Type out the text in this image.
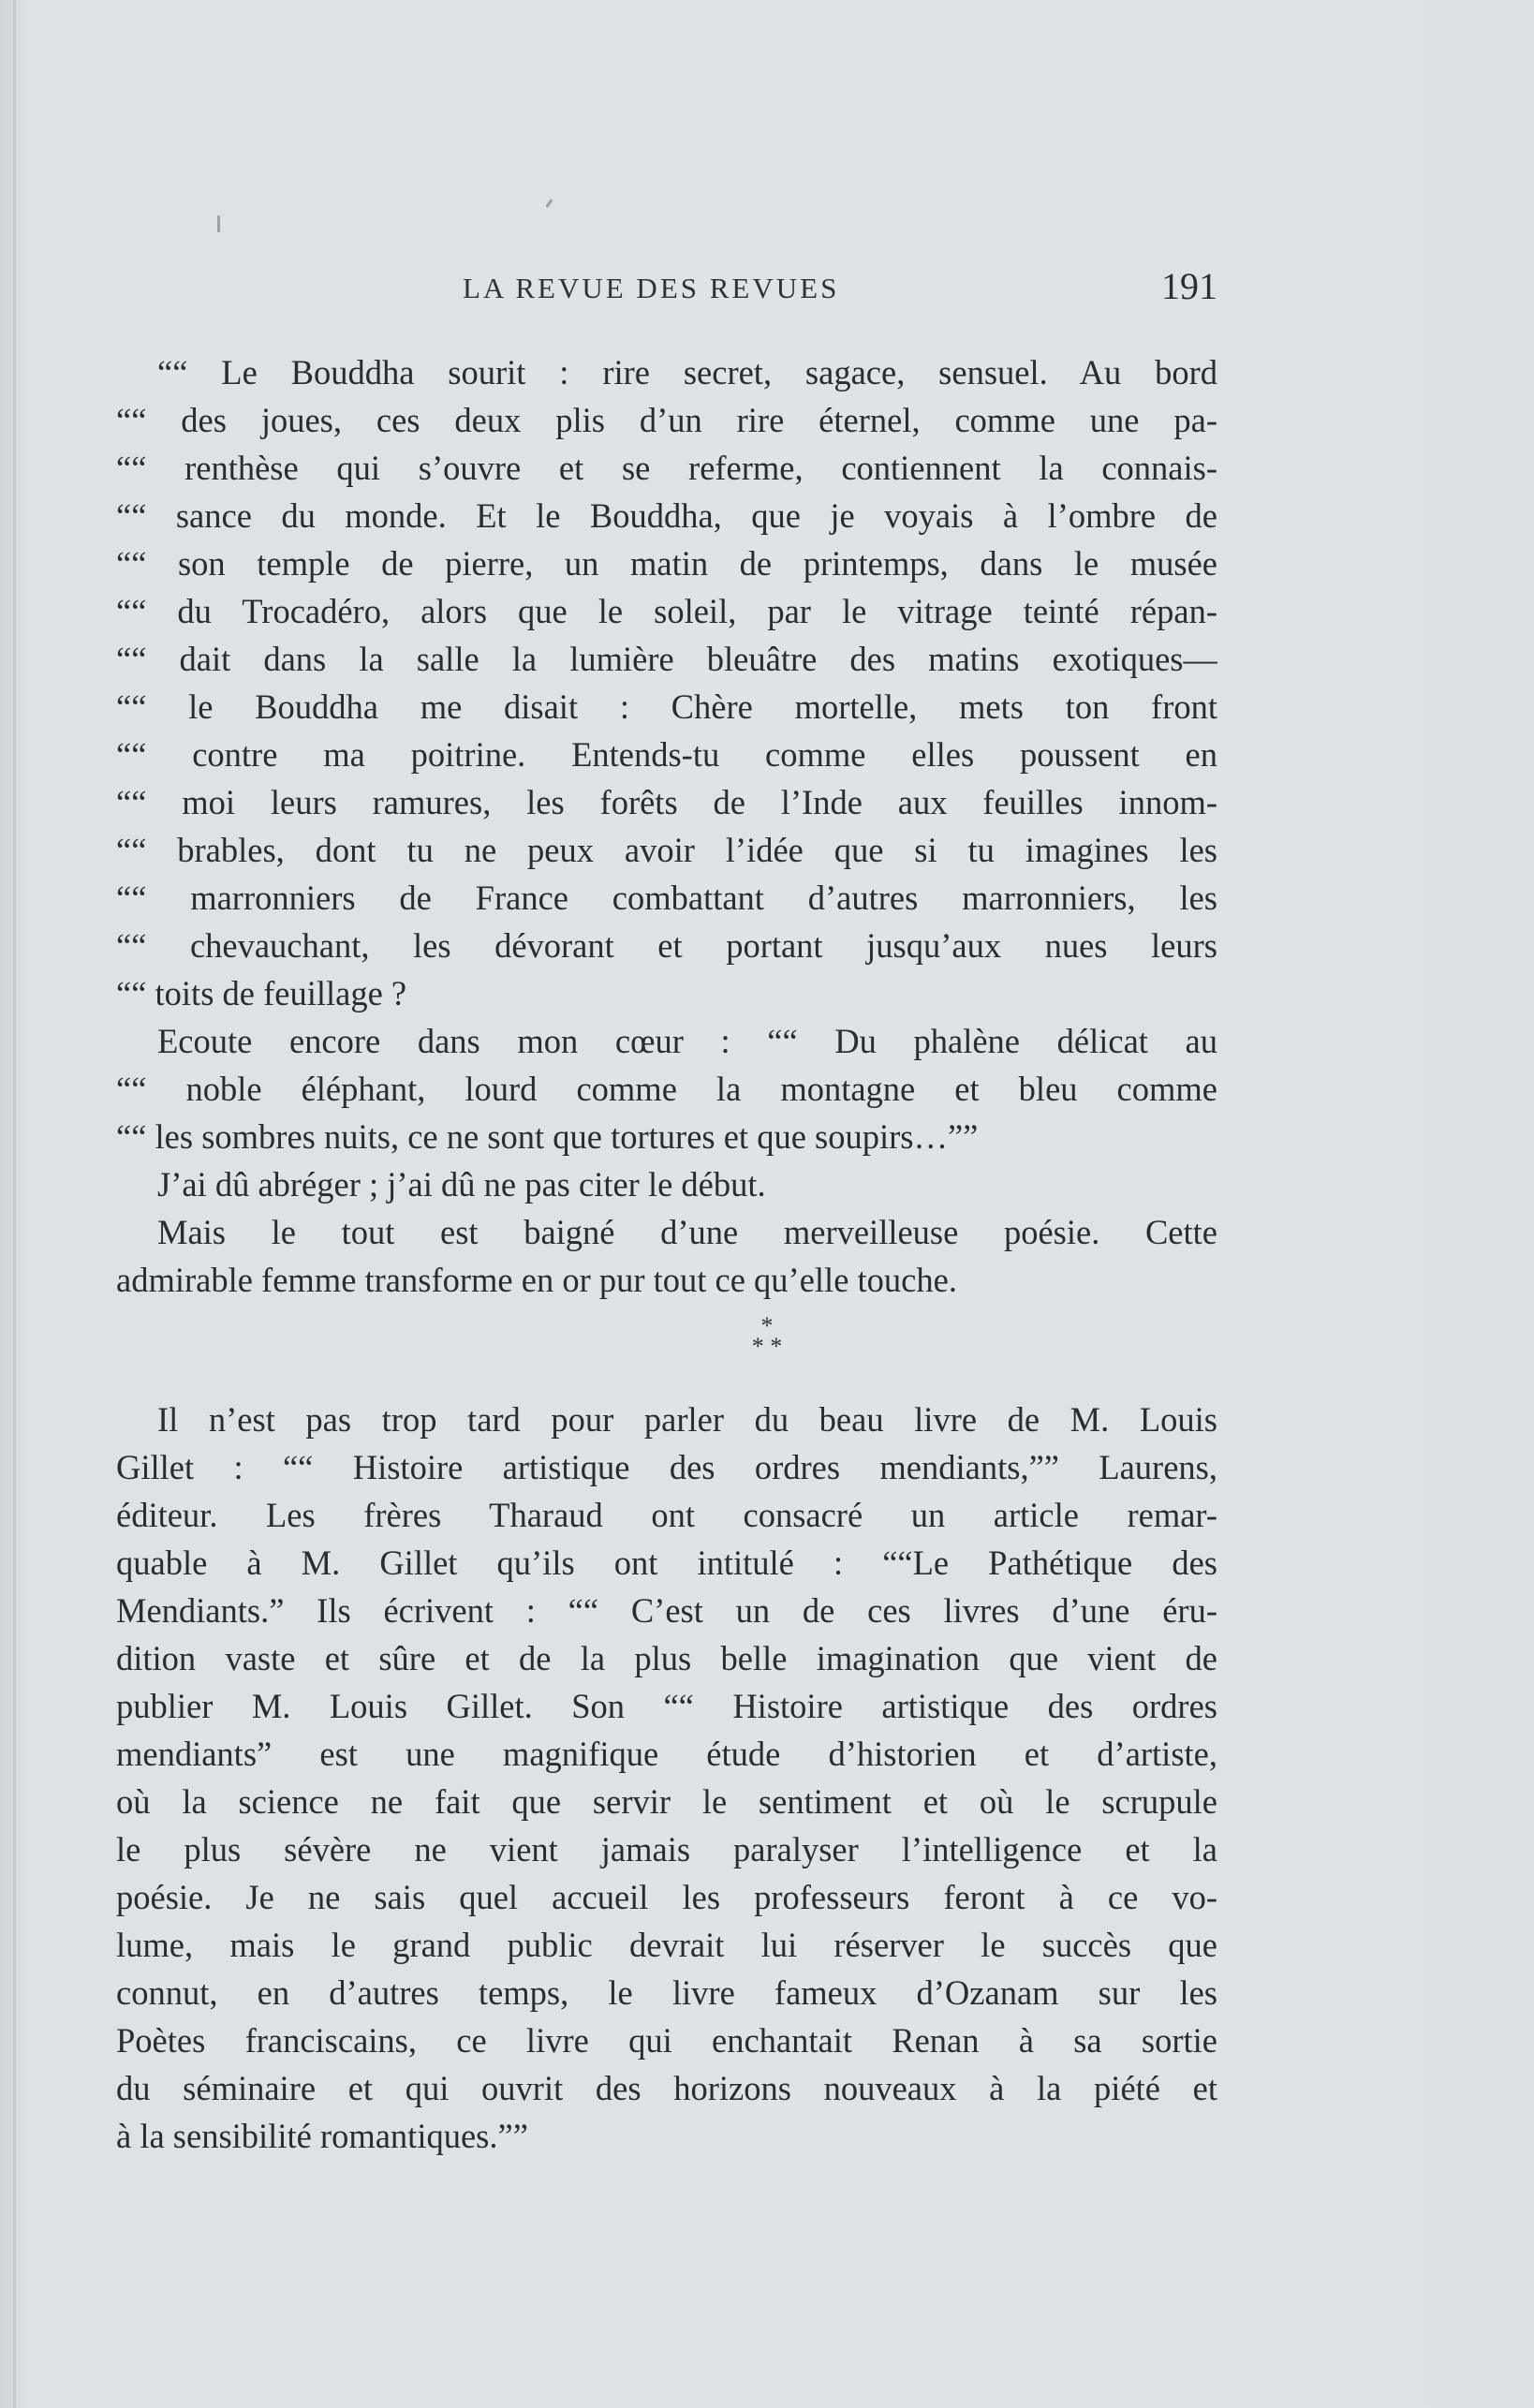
LA REVUE DES REVUES	191
““ Le Bouddha sourit : rire secret, sagace, sensuel. Au bord
““ des joues, ces deux plis d’un rire éternel, comme une pa-
““ renthèse qui s’ouvre et se referme, contiennent la connais-
““ sance du monde. Et le Bouddha, que je voyais à l’ombre de
““ son temple de pierre, un matin de printemps, dans le musée
““ du Trocadéro, alors que le soleil, par le vitrage teinté répan-
““ dait dans la salle la lumière bleuâtre des matins exotiques—
““ le Bouddha me disait : Chère mortelle, mets ton front
““ contre ma poitrine. Entends-tu comme elles poussent en
““ moi leurs ramures, les forêts de l’Inde aux feuilles innom-
““ brables, dont tu ne peux avoir l’idée que si tu imagines les
““ marronniers de France combattant d’autres marronniers, les
““ chevauchant, les dévorant et portant jusqu’aux nues leurs
““ toits de feuillage ?
Ecoute encore dans mon cœur : ““ Du phalène délicat au
““ noble éléphant, lourd comme la montagne et bleu comme
““ les sombres nuits, ce ne sont que tortures et que soupirs…””
J’ai dû abréger ; j’ai dû ne pas citer le début.
Mais le tout est baigné d’une merveilleuse poésie. Cette
admirable femme transforme en or pur tout ce qu’elle touche.
*
* *
Il n’est pas trop tard pour parler du beau livre de M. Louis
Gillet : ““ Histoire artistique des ordres mendiants,”” Laurens,
éditeur. Les frères Tharaud ont consacré un article remar-
quable à M. Gillet qu’ils ont intitulé : ““Le Pathétique des
Mendiants.” Ils écrivent : ““ C’est un de ces livres d’une éru-
dition vaste et sûre et de la plus belle imagination que vient de
publier M. Louis Gillet. Son ““ Histoire artistique des ordres
mendiants” est une magnifique étude d’historien et d’artiste,
où la science ne fait que servir le sentiment et où le scrupule
le plus sévère ne vient jamais paralyser l’intelligence et la
poésie. Je ne sais quel accueil les professeurs feront à ce vo-
lume, mais le grand public devrait lui réserver le succès que
connut, en d’autres temps, le livre fameux d’Ozanam sur les
Poètes franciscains, ce livre qui enchantait Renan à sa sortie
du séminaire et qui ouvrit des horizons nouveaux à la piété et
à la sensibilité romantiques.””
